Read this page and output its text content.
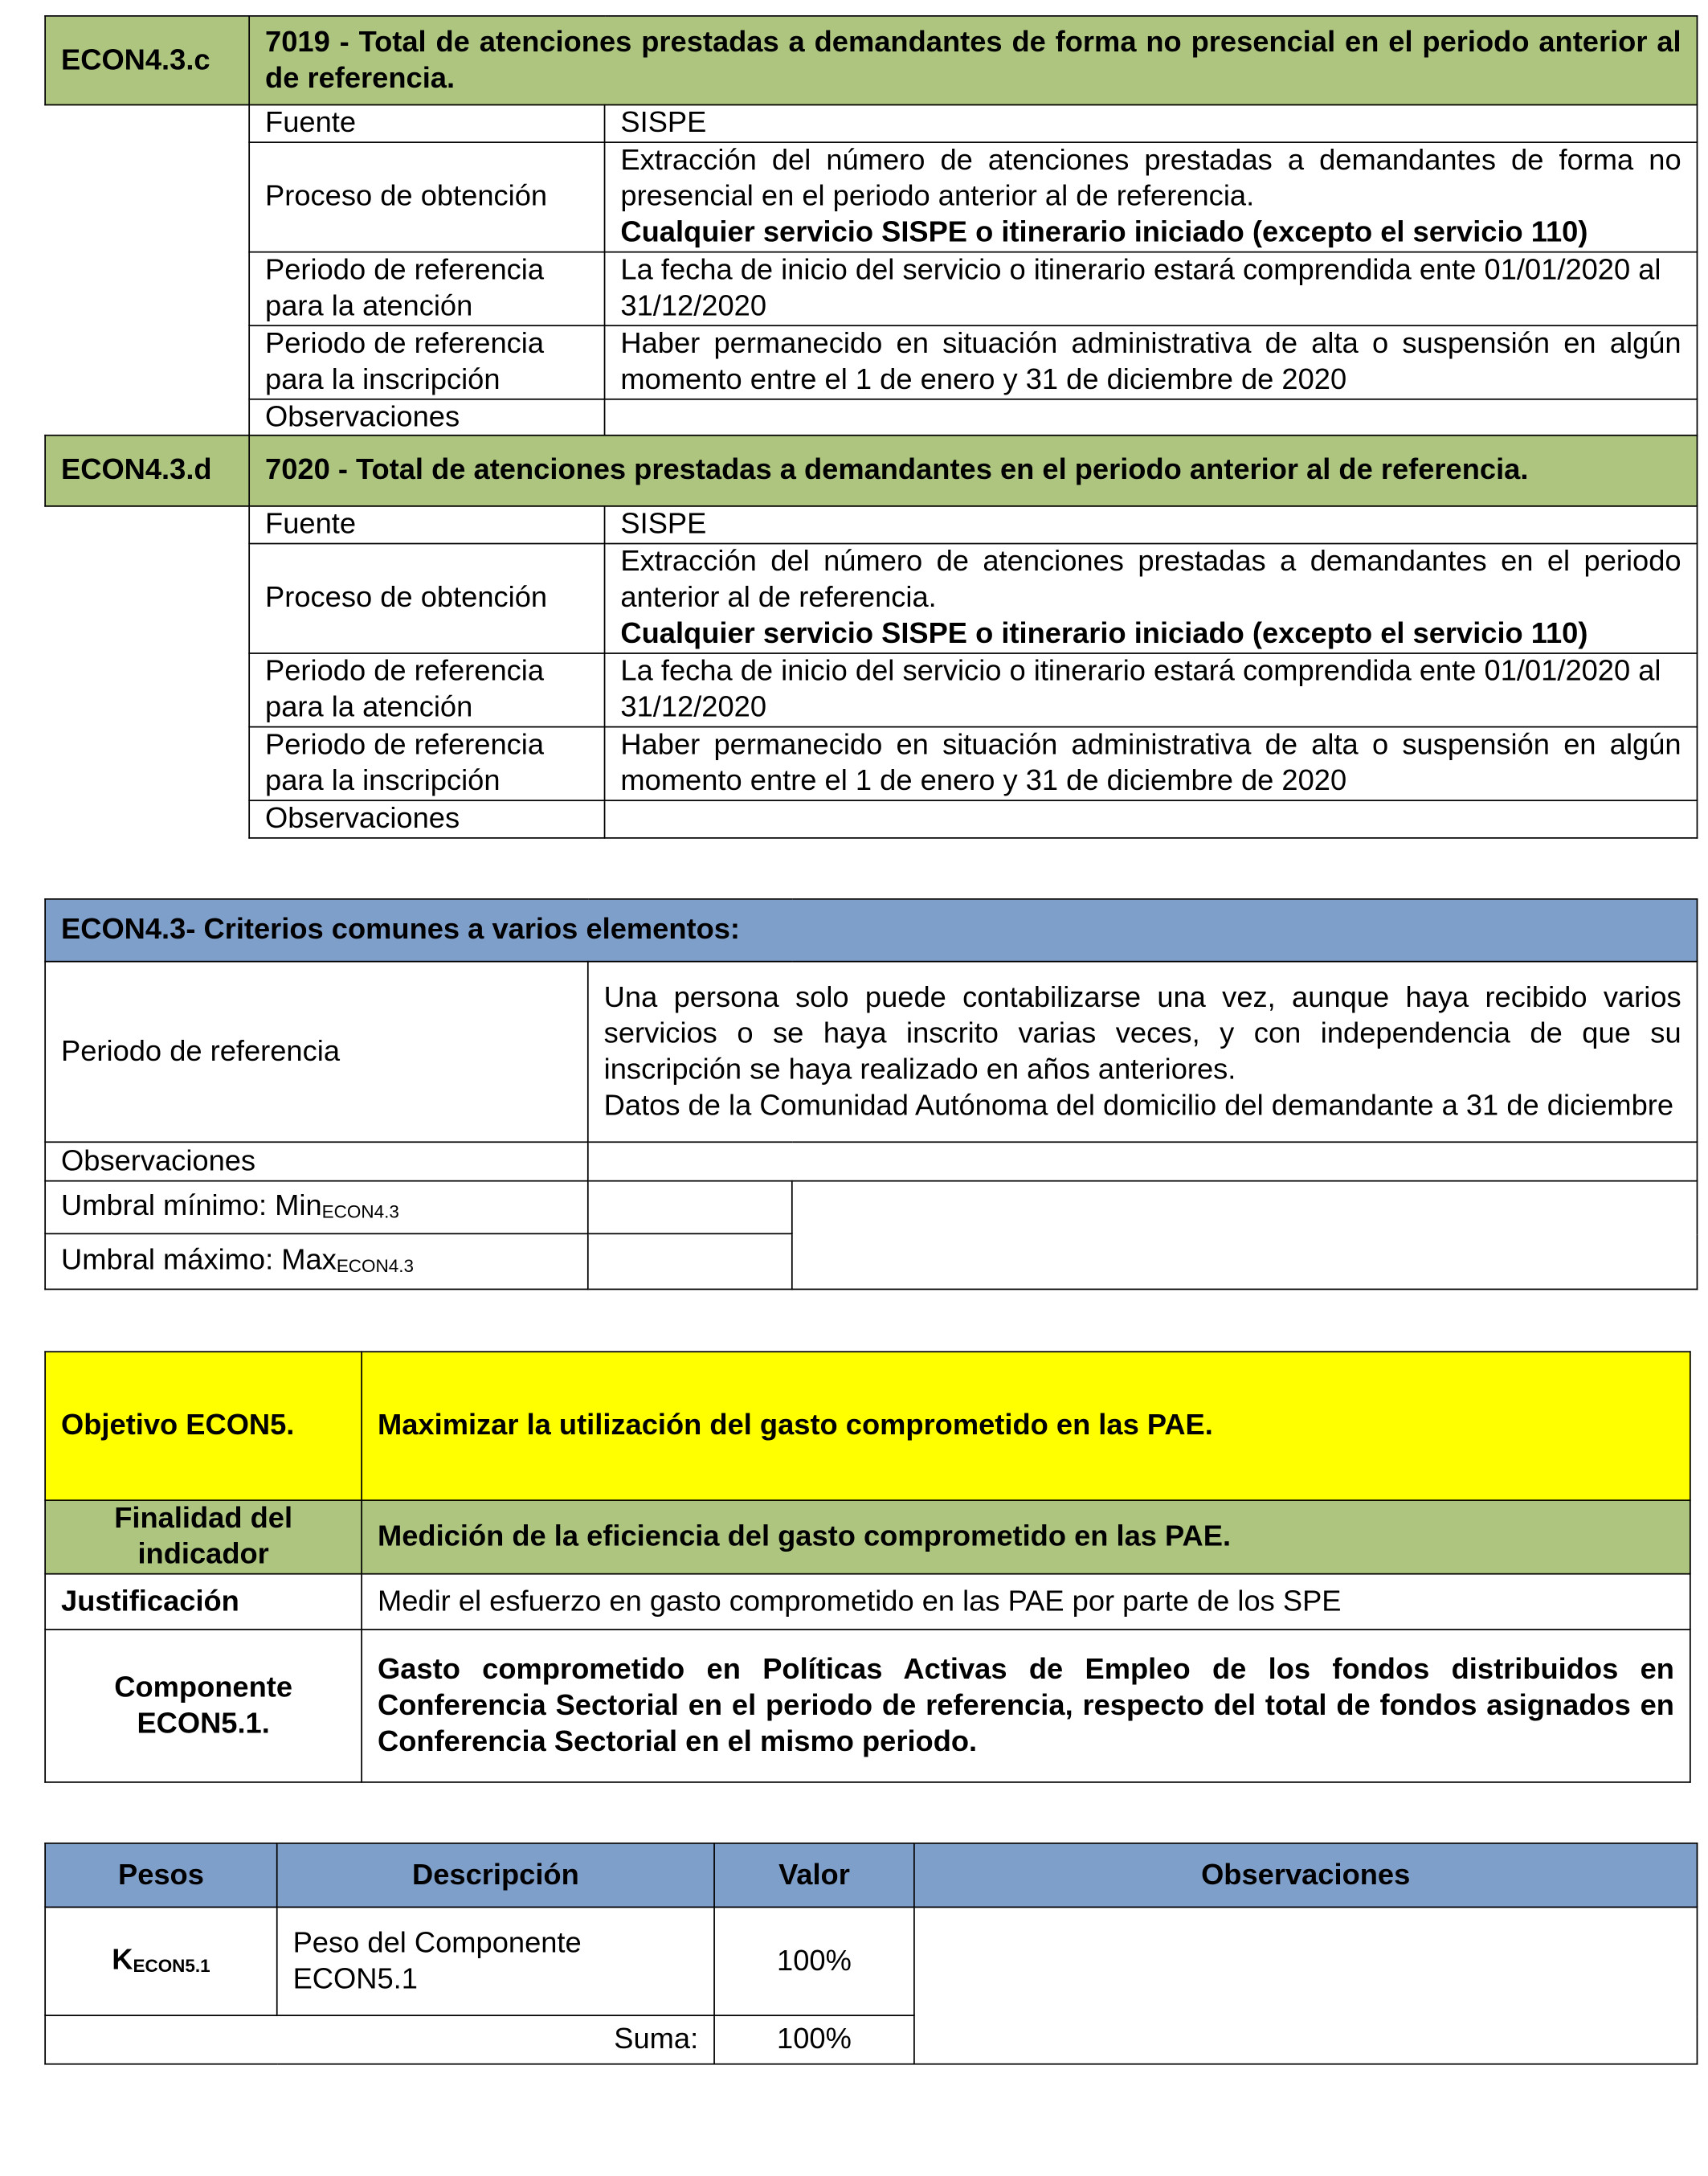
ECON4.3.c	7019 - Total de atenciones prestadas a demandantes de forma no presencial en el periodo anterior al de referencia.	
	Fuente	SISPE
	Proceso de obtención	Extracción del número de atenciones prestadas a demandantes de forma no presencial en el periodo anterior al de referencia.
Cualquier servicio SISPE o itinerario iniciado (excepto el servicio 110)

	Periodo de referencia para la atención	La fecha de inicio del servicio o itinerario estará comprendida ente 01/01/2020 al 31/12/2020
	Periodo de referencia para la inscripción	Haber permanecido en situación administrativa de alta o suspensión en algún momento entre el 1 de enero y 31 de diciembre de 2020
	Observaciones	
ECON4.3.d	7020 - Total de atenciones prestadas a demandantes en el periodo anterior al de referencia.	
	Fuente	SISPE
	Proceso de obtención	Extracción del número de atenciones prestadas a demandantes en el periodo anterior al de referencia.
Cualquier servicio SISPE o itinerario iniciado (excepto el servicio 110)

	Periodo de referencia para la atención	La fecha de inicio del servicio o itinerario estará comprendida ente 01/01/2020 al 31/12/2020
	Periodo de referencia para la inscripción	Haber permanecido en situación administrativa de alta o suspensión en algún momento entre el 1 de enero y 31 de diciembre de 2020
	Observaciones	
ECON4.3- Criterios comunes a varios elementos:		
Periodo de referencia	Una persona solo puede contabilizarse una vez, aunque haya recibido varios servicios o se haya inscrito varias veces, y con independencia de que su inscripción se haya realizado en años anteriores.
Datos de la Comunidad Autónoma del domicilio del demandante a 31 de diciembre	

Observaciones		
Umbral mínimo: Min$_{ECON4.3}$		
Umbral máximo: Max$_{ECON4.3}$	
Objetivo ECON5.	Maximizar la utilización del gasto comprometido en las PAE.
Finalidad del indicador	Medición de la eficiencia del gasto comprometido en las PAE.
Justificación	Medir el esfuerzo en gasto comprometido en las PAE por parte de los SPE
Componente ECON5.1.	Gasto comprometido en Políticas Activas de Empleo de los fondos distribuidos en Conferencia Sectorial en el periodo de referencia, respecto del total de fondos asignados en Conferencia Sectorial en el mismo periodo.
Pesos	Descripción	Valor	Observaciones
$K_{ECON5.1}$	Peso del Componente ECON5.1	100%	
Suma:		100%	
